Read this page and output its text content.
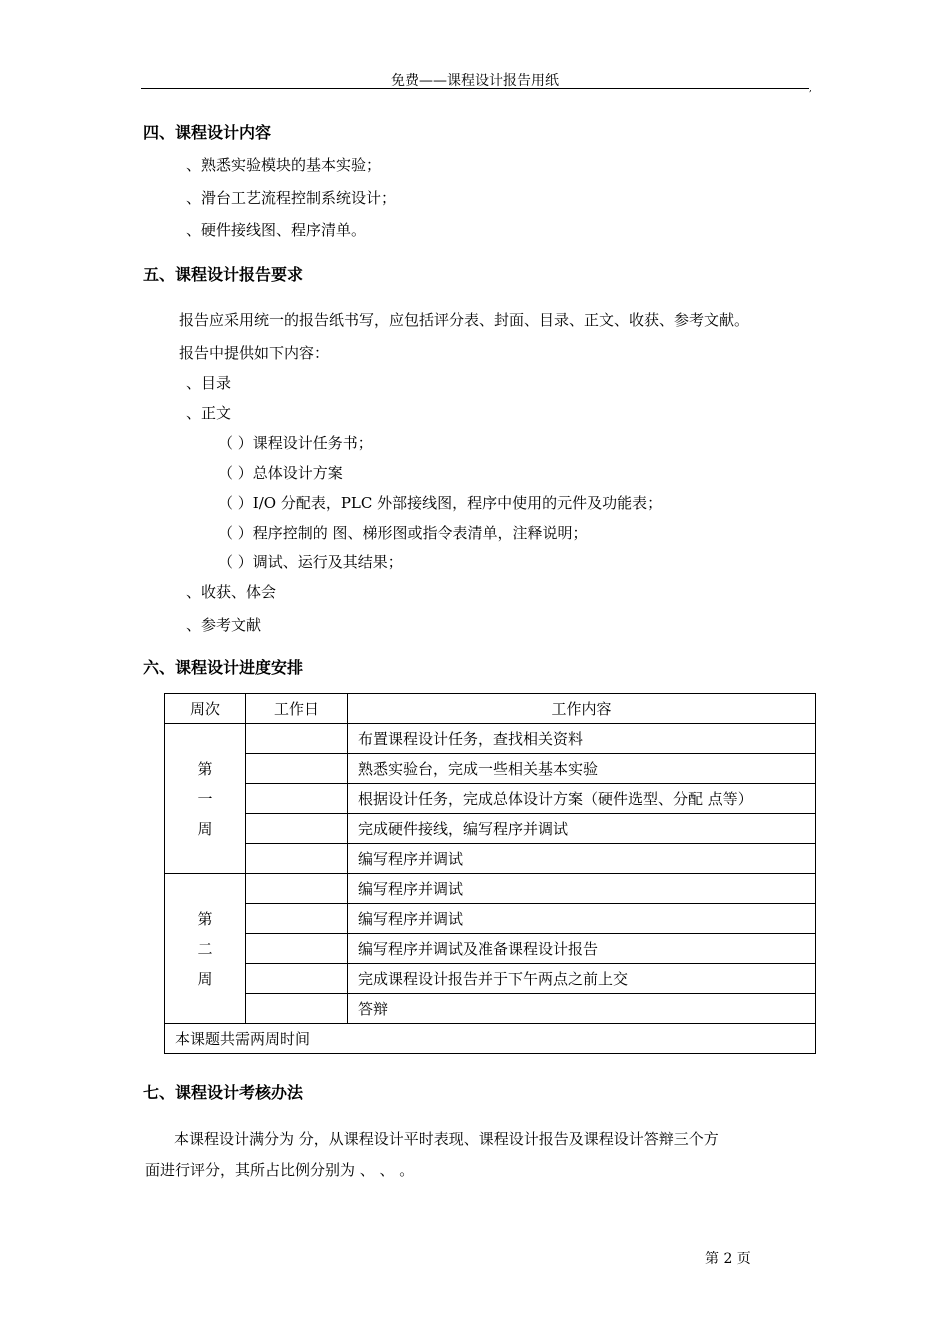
免费——课程设计报告用纸	,
四、课程设计内容
、熟悉实验模块的基本实验；
、滑台工艺流程控制系统设计；
、硬件接线图、程序清单。
五、课程设计报告要求
报告应采用统一的报告纸书写，应包括评分表、封面、目录、正文、收获、参考文献。
报告中提供如下内容：
、目录
、正文
（ ）课程设计任务书；
（ ）总体设计方案
（ ）I/O 分配表，PLC 外部接线图，程序中使用的元件及功能表；
（ ）程序控制的 图、梯形图或指令表清单，注释说明；
（ ）调试、运行及其结果；
、收获、体会
、参考文献
六、课程设计进度安排
周次	工作日	工作内容

第
一
周		布置课程设计任务，查找相关资料
		熟悉实验台，完成一些相关基本实验
		根据设计任务，完成总体设计方案（硬件选型、分配 点等）
		完成硬件接线，编写程序并调试
		编写程序并调试

第
二
周		编写程序并调试
		编写程序并调试
		编写程序并调试及准备课程设计报告
		完成课程设计报告并于下午两点之前上交
		答辩
本课题共需两周时间		
七、课程设计考核办法
本课程设计满分为 分，从课程设计平时表现、课程设计报告及课程设计答辩三个方
面进行评分，其所占比例分别为 、 、 。
第 2 页
